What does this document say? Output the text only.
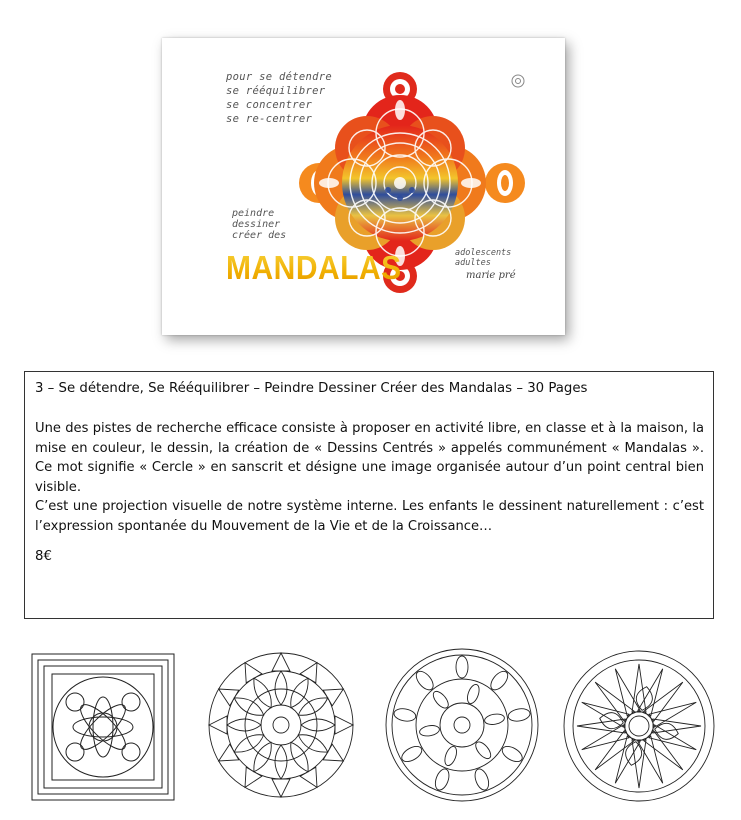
pour se détendre
se rééquilibrer
se concentrer
se re-centrer
peindre
dessiner
créer des
MANDALAS	adolescents
adultes
marie pré
3 – Se détendre, Se Rééquilibrer – Peindre Dessiner Créer des Mandalas – 30 Pages
Une des pistes de recherche efficace consiste à proposer en activité libre, en classe et à la maison, la mise en couleur, le dessin, la création de « Dessins Centrés » appelés communément « Mandalas ». Ce mot signifie « Cercle » en sanscrit et désigne une image organisée autour d’un point central bien visible.
C’est une projection visuelle de notre système interne. Les enfants le dessinent naturellement : c’est l’expression spontanée du Mouvement de la Vie et de la Croissance…
8€
